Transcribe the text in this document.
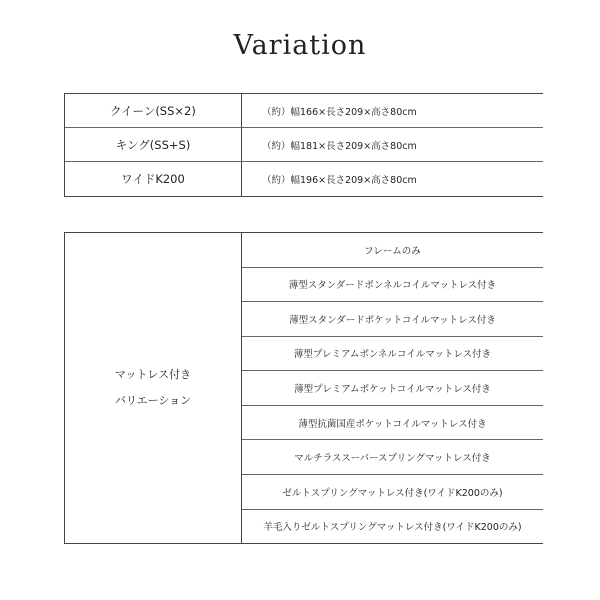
Variation
クイーン(SS×2)	（約）幅166×長さ209×高さ80cm
キング(SS+S)	（約）幅181×長さ209×高さ80cm
ワイドK200	（約）幅196×長さ209×高さ80cm
マットレス付き
バリエーション
フレームのみ
薄型スタンダードボンネルコイルマットレス付き
薄型スタンダードポケットコイルマットレス付き
薄型プレミアムボンネルコイルマットレス付き
薄型プレミアムポケットコイルマットレス付き
薄型抗菌国産ポケットコイルマットレス付き
マルチラススーパースプリングマットレス付き
ゼルトスプリングマットレス付き(ワイドK200のみ)
羊毛入りゼルトスプリングマットレス付き(ワイドK200のみ)
